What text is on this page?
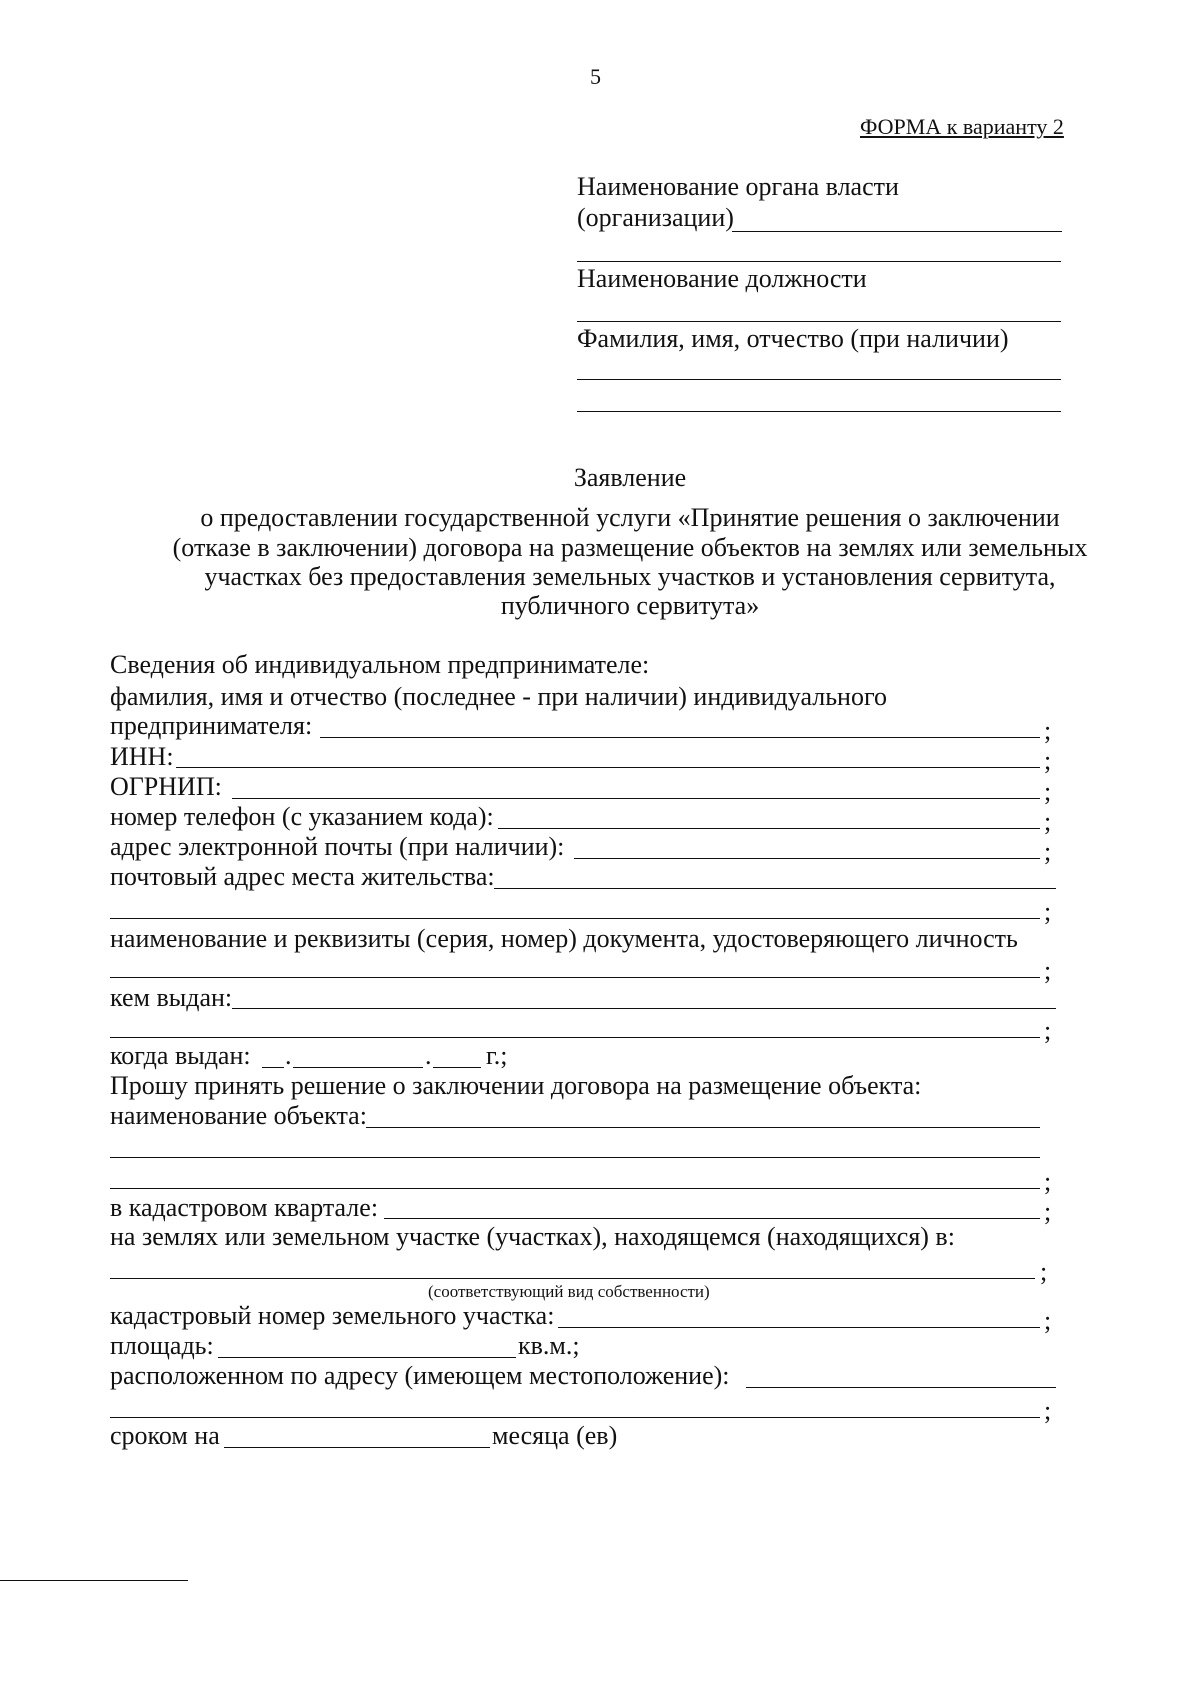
5
ФОРМА к варианту 2
Наименование органа власти
(организации)
Наименование должности
Фамилия, имя, отчество (при наличии)
Заявление
о предоставлении государственной услуги «Принятие решения о заключении
(отказе в заключении) договора на размещение объектов на землях или земельных
участках без предоставления земельных участков и установления сервитута,
публичного сервитута»
Сведения об индивидуальном предпринимателе:
фамилия, имя и отчество (последнее - при наличии) индивидуального
предпринимателя:	;
ИНН:	;
ОГРНИП:	;
номер телефон (с указанием кода):	;
адрес электронной почты (при наличии):	;
почтовый адрес места жительства:
;
наименование и реквизиты (серия, номер) документа, удостоверяющего личность
;
кем выдан:
;
когда выдан: .	. г.;
Прошу принять решение о заключении договора на размещение объекта:
наименование объекта:
;
в кадастровом квартале:	;
на землях или земельном участке (участках), находящемся (находящихся) в:
;
(соответствующий вид собственности)
кадастровый номер земельного участка:	;
площадь:	кв.м.;
расположенном по адресу (имеющем местоположение):
;
сроком на	месяца (ев)
